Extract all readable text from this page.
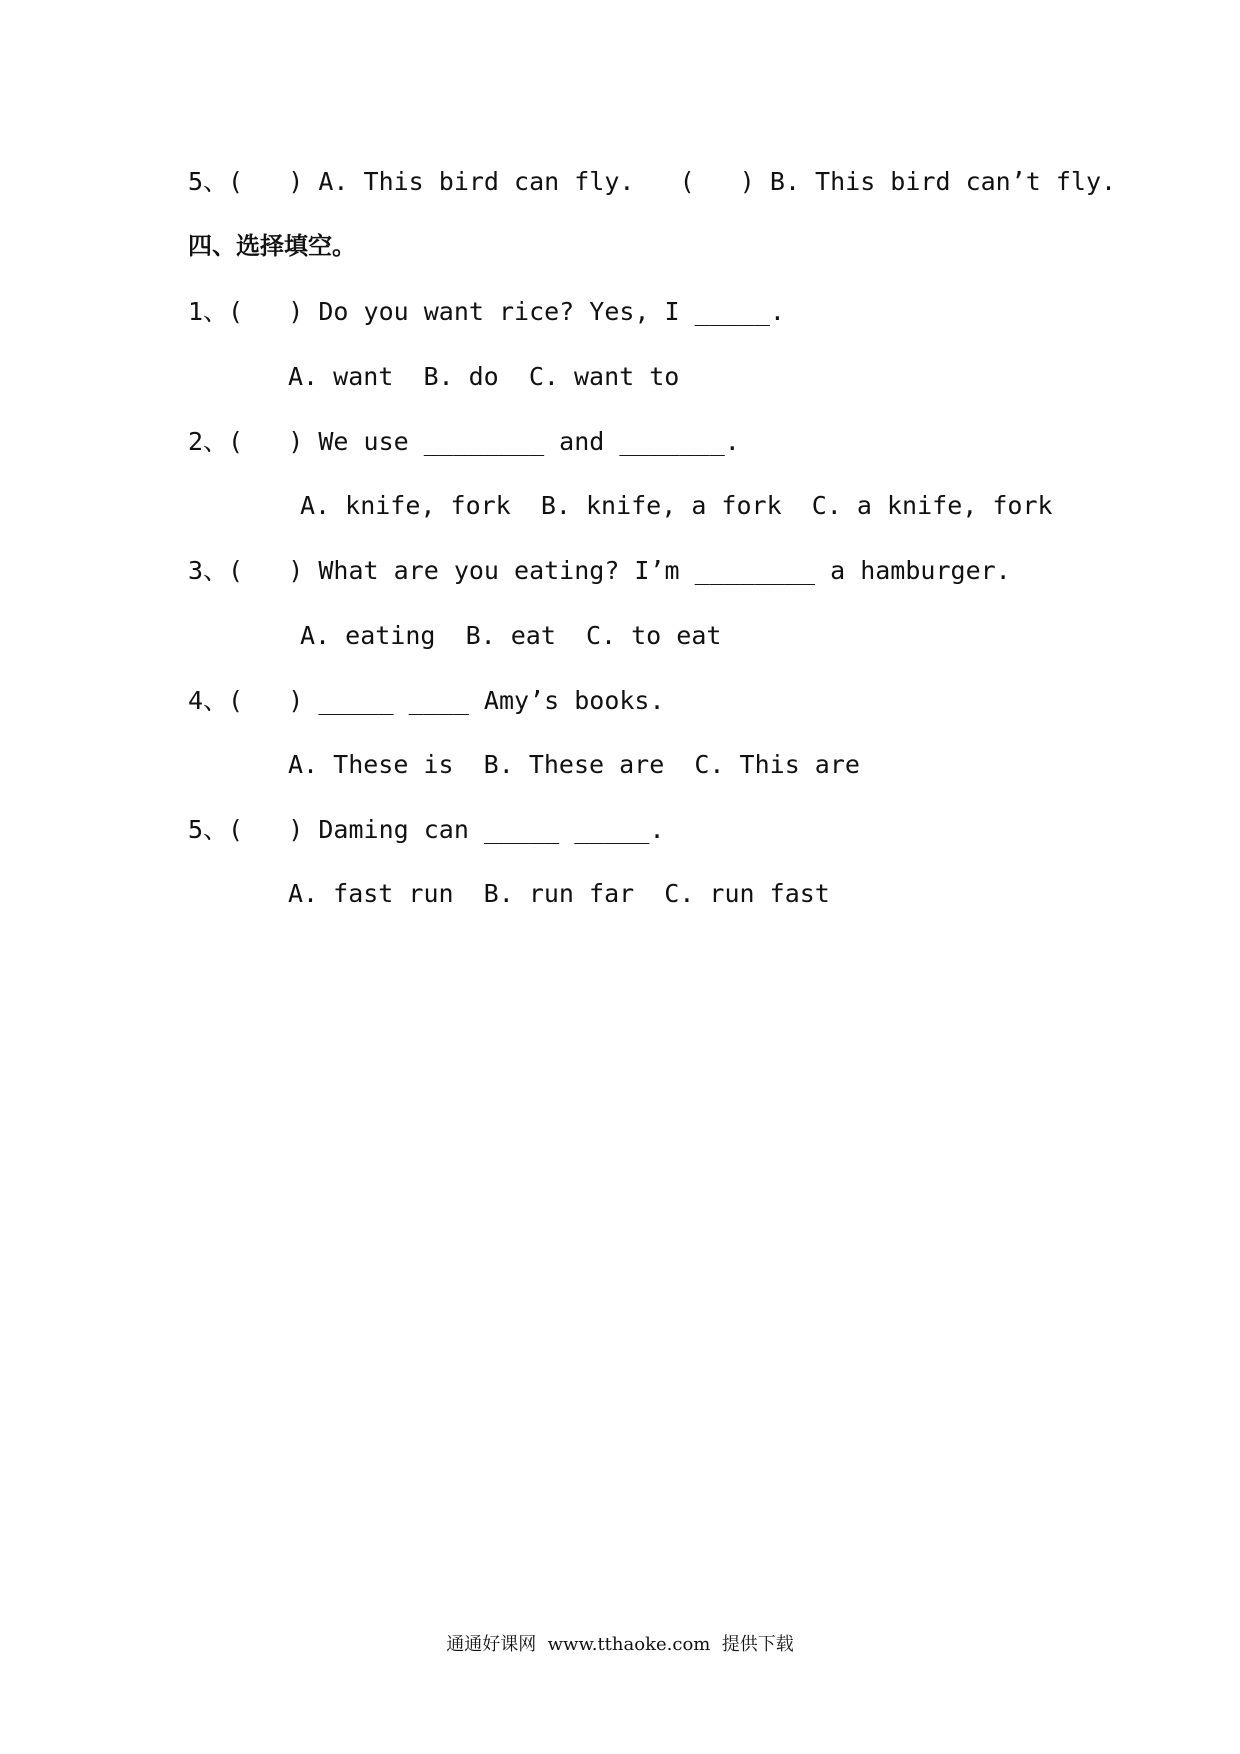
5、(   ) A. This bird can fly.   (   ) B. This bird can’t fly.
四、选择填空。
1、(   ) Do you want rice? Yes, I _____.
A. want  B. do  C. want to
2、(   ) We use ________ and _______.
A. knife, fork  B. knife, a fork  C. a knife, fork
3、(   ) What are you eating? I’m ________ a hamburger.
A. eating  B. eat  C. to eat
4、(   ) _____ ____ Amy’s books.
A. These is  B. These are  C. This are
5、(   ) Daming can _____ _____.
A. fast run  B. run far  C. run fast
通通好课网  www.tthaoke.com  提供下载
